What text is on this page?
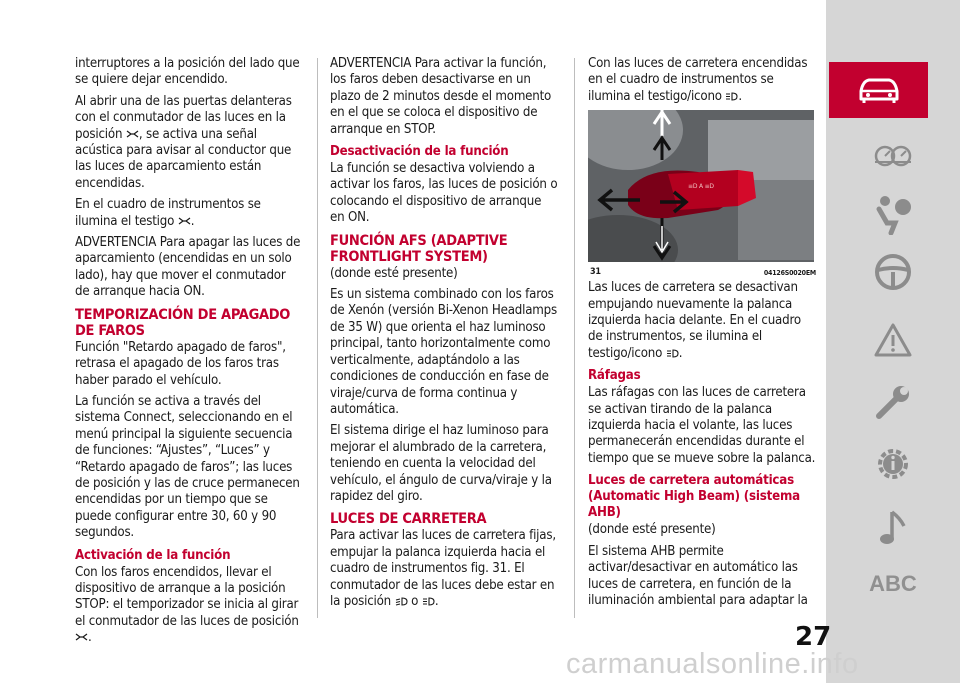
interruptores a la posición del lado que se quiere dejar encendido.

Al abrir una de las puertas delanteras con el conmutador de las luces en la posición , se activa una señal acústica para avisar al conductor que las luces de aparcamiento están encendidas.

En el cuadro de instrumentos se ilumina el testigo .

ADVERTENCIA Para apagar las luces de aparcamiento (encendidas en un solo lado), hay que mover el conmutador de arranque hacia ON.

TEMPORIZACIÓN DE APAGADO DE FAROS

Función "Retardo apagado de faros", retrasa el apagado de los faros tras haber parado el vehículo.

La función se activa a través del sistema Connect, seleccionando en el menú principal la siguiente secuencia de funciones: “Ajustes”, “Luces” y “Retardo apagado de faros”; las luces de posición y las de cruce permanecen encendidas por un tiempo que se puede configurar entre 30, 60 y 90 segundos.

Activación de la función

Con los faros encendidos, llevar el dispositivo de arranque a la posición STOP: el temporizador se inicia al girar el conmutador de las luces de posición
.

ADVERTENCIA Para activar la función, los faros deben desactivarse en un plazo de 2 minutos desde el momento en el que se coloca el dispositivo de arranque en STOP.

Desactivación de la función

La función se desactiva volviendo a activar los faros, las luces de posición o colocando el dispositivo de arranque en ON.

FUNCIÓN AFS (ADAPTIVE FRONTLIGHT SYSTEM)

(donde esté presente)

Es un sistema combinado con los faros de Xenón (versión Bi-Xenon Headlamps de 35 W) que orienta el haz luminoso principal, tanto horizontalmente como verticalmente, adaptándolo a las condiciones de conducción en fase de viraje/curva de forma continua y automática.

El sistema dirige el haz luminoso para mejorar el alumbrado de la carretera, teniendo en cuenta la velocidad del vehículo, el ángulo de curva/viraje y la rapidez del giro.

LUCES DE CARRETERA

Para activar las luces de carretera fijas, empujar la palanca izquierda hacia el cuadro de instrumentos fig. 31. El conmutador de las luces debe estar en la posición o .

Con las luces de carretera encendidas en el cuadro de instrumentos se ilumina el testigo/icono .

≡D A ≡D
31	04126S0020EM

Las luces de carretera se desactivan empujando nuevamente la palanca izquierda hacia delante. En el cuadro de instrumentos, se ilumina el testigo/icono .

Ráfagas

Las ráfagas con las luces de carretera se activan tirando de la palanca izquierda hacia el volante, las luces permanecerán encendidas durante el tiempo que se mueve sobre la palanca.

Luces de carretera automáticas (Automatic High Beam) (sistema AHB)

(donde esté presente)

El sistema AHB permite activar/desactivar en automático las luces de carretera, en función de la iluminación ambiental para adaptar la

ABC
27
carmanualsonline.info
